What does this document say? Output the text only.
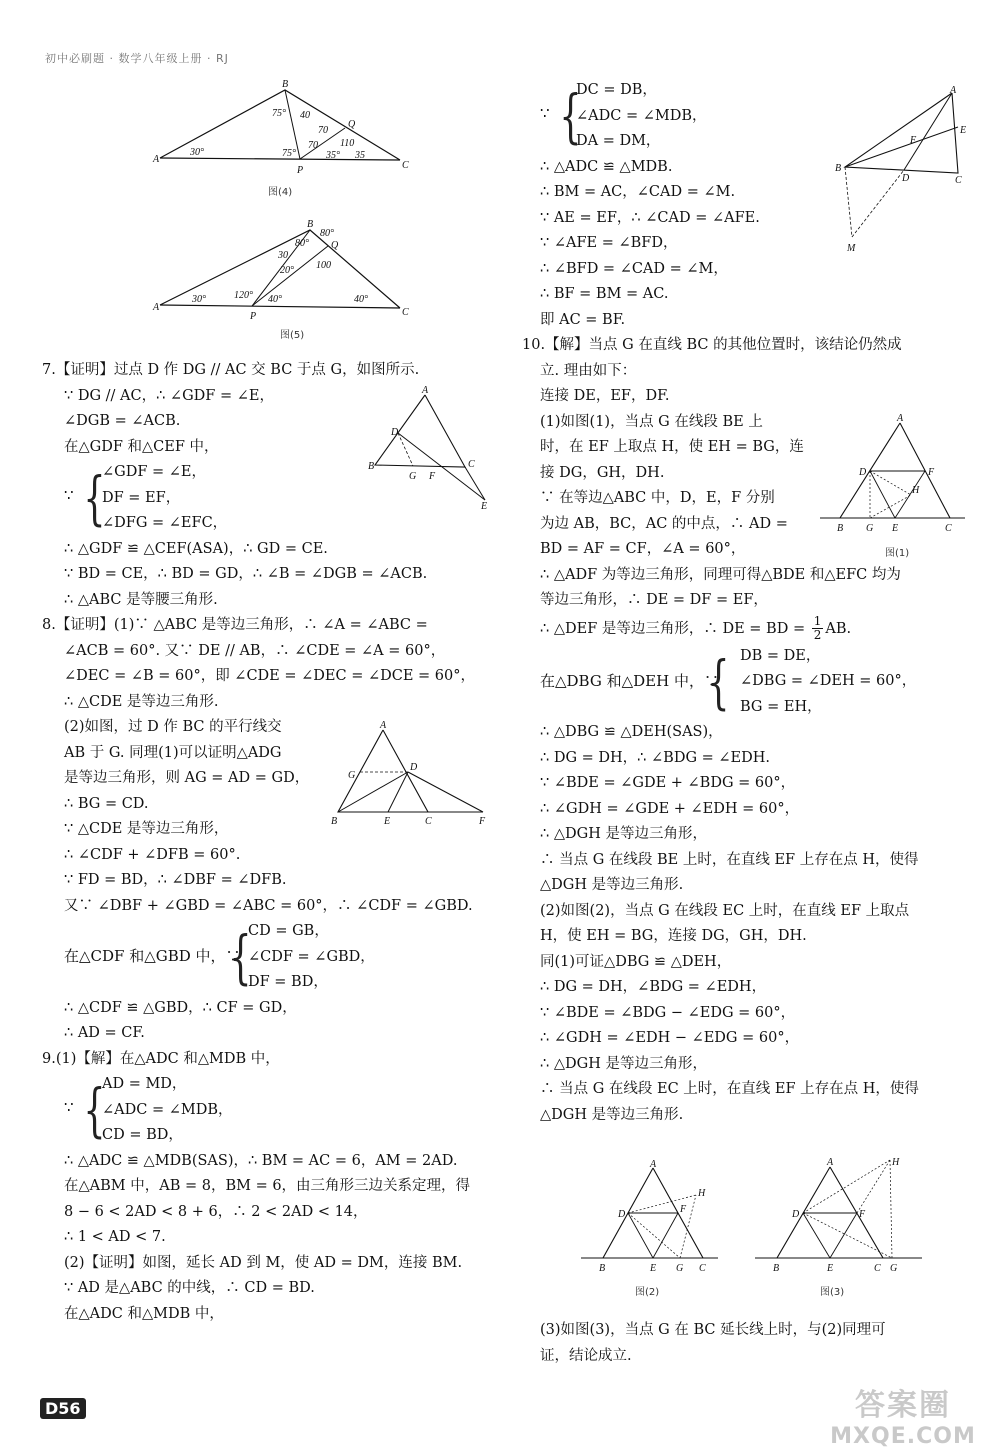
初中必刷题 · 数学八年级上册 · RJ
A
B
P
Q
C
30°
75° 40
70
70 110
75°	35° 35
图(4)
A
B
P
Q
C
30°
80°
80°
30
20° 100
120° 40°	40°
图(5)
A
D
B
G F
C
E
A
G
D
B	E	C	F
A
E
F
B
D	C
M
A
D	F
H
B G E	C
图(1)
A
D	F
H
B	E G C
图(2)
A
D	F
H
B	E	C G
图(3)
7.【证明】过点 D 作 DG // AC 交 BC 于点 G，如图所示.
∵ DG // AC，∴ ∠GDF = ∠E，
∠DGB = ∠ACB.
在△GDF 和△CEF 中，
∵ {
∠GDF = ∠E，
DF = EF，
∠DFG = ∠EFC，
∴ △GDF ≌ △CEF(ASA)，∴ GD = CE.
∵ BD = CE，∴ BD = GD，∴ ∠B = ∠DGB = ∠ACB.
∴ △ABC 是等腰三角形.
8.【证明】(1)∵ △ABC 是等边三角形，∴ ∠A = ∠ABC =
∠ACB = 60°. 又∵ DE // AB，∴ ∠CDE = ∠A = 60°，
∠DEC = ∠B = 60°，即 ∠CDE = ∠DEC = ∠DCE = 60°，
∴ △CDE 是等边三角形.
(2)如图，过 D 作 BC 的平行线交
AB 于 G. 同理(1)可以证明△ADG
是等边三角形，则 AG = AD = GD，
∴ BG = CD.
∵ △CDE 是等边三角形，
∴ ∠CDF + ∠DFB = 60°.
∵ FD = BD，∴ ∠DBF = ∠DFB.
又∵ ∠DBF + ∠GBD = ∠ABC = 60°，∴ ∠CDF = ∠GBD.
在△CDF 和△GBD 中，∵
{
CD = GB，
∠CDF = ∠GBD，
DF = BD，
∴ △CDF ≌ △GBD，∴ CF = GD，
∴ AD = CF.
9.(1)【解】在△ADC 和△MDB 中，
∵ {
AD = MD，
∠ADC = ∠MDB，
CD = BD，
∴ △ADC ≌ △MDB(SAS)，∴ BM = AC = 6，AM = 2AD.
在△ABM 中，AB = 8，BM = 6，由三角形三边关系定理，得
8 − 6 < 2AD < 8 + 6，∴ 2 < 2AD < 14，
∴ 1 < AD < 7.
(2)【证明】如图，延长 AD 到 M，使 AD = DM，连接 BM.
∵ AD 是△ABC 的中线，∴ CD = BD.
在△ADC 和△MDB 中，
∵ {
DC = DB，
∠ADC = ∠MDB，
DA = DM，
∴ △ADC ≌ △MDB.
∴ BM = AC，∠CAD = ∠M.
∵ AE = EF，∴ ∠CAD = ∠AFE.
∵ ∠AFE = ∠BFD，
∴ ∠BFD = ∠CAD = ∠M，
∴ BF = BM = AC.
即 AC = BF.
10.【解】当点 G 在直线 BC 的其他位置时，该结论仍然成
立. 理由如下：
连接 DE，EF，DF.
(1)如图(1)，当点 G 在线段 BE 上
时，在 EF 上取点 H，使 EH = BG，连
接 DG，GH，DH.
∵ 在等边△ABC 中，D，E，F 分别
为边 AB，BC，AC 的中点，∴ AD =
BD = AF = CF，∠A = 60°，
∴ △ADF 为等边三角形，同理可得△BDE 和△EFC 均为
等边三角形，∴ DE = DF = EF，
∴ △DEF 是等边三角形，∴ DE = BD = $\frac{1}{2}$ AB.
在△DBG 和△DEH 中，∵
{ DB = DE，
∠DBG = ∠DEH = 60°，
BG = EH，
∴ △DBG ≌ △DEH(SAS)，
∴ DG = DH，∴ ∠BDG = ∠EDH.
∵ ∠BDE = ∠GDE + ∠BDG = 60°，
∴ ∠GDH = ∠GDE + ∠EDH = 60°，
∴ △DGH 是等边三角形，
∴ 当点 G 在线段 BE 上时，在直线 EF 上存在点 H，使得
△DGH 是等边三角形.
(2)如图(2)，当点 G 在线段 EC 上时，在直线 EF 上取点
H，使 EH = BG，连接 DG，GH，DH.
同(1)可证△DBG ≌ △DEH，
∴ DG = DH，∠BDG = ∠EDH，
∵ ∠BDE = ∠BDG − ∠EDG = 60°，
∴ ∠GDH = ∠EDH − ∠EDG = 60°，
∴ △DGH 是等边三角形，
∴ 当点 G 在线段 EC 上时，在直线 EF 上存在点 H，使得
△DGH 是等边三角形.
(3)如图(3)，当点 G 在 BC 延长线上时，与(2)同理可
证，结论成立.
D56	答案圈
MXQE.COM
